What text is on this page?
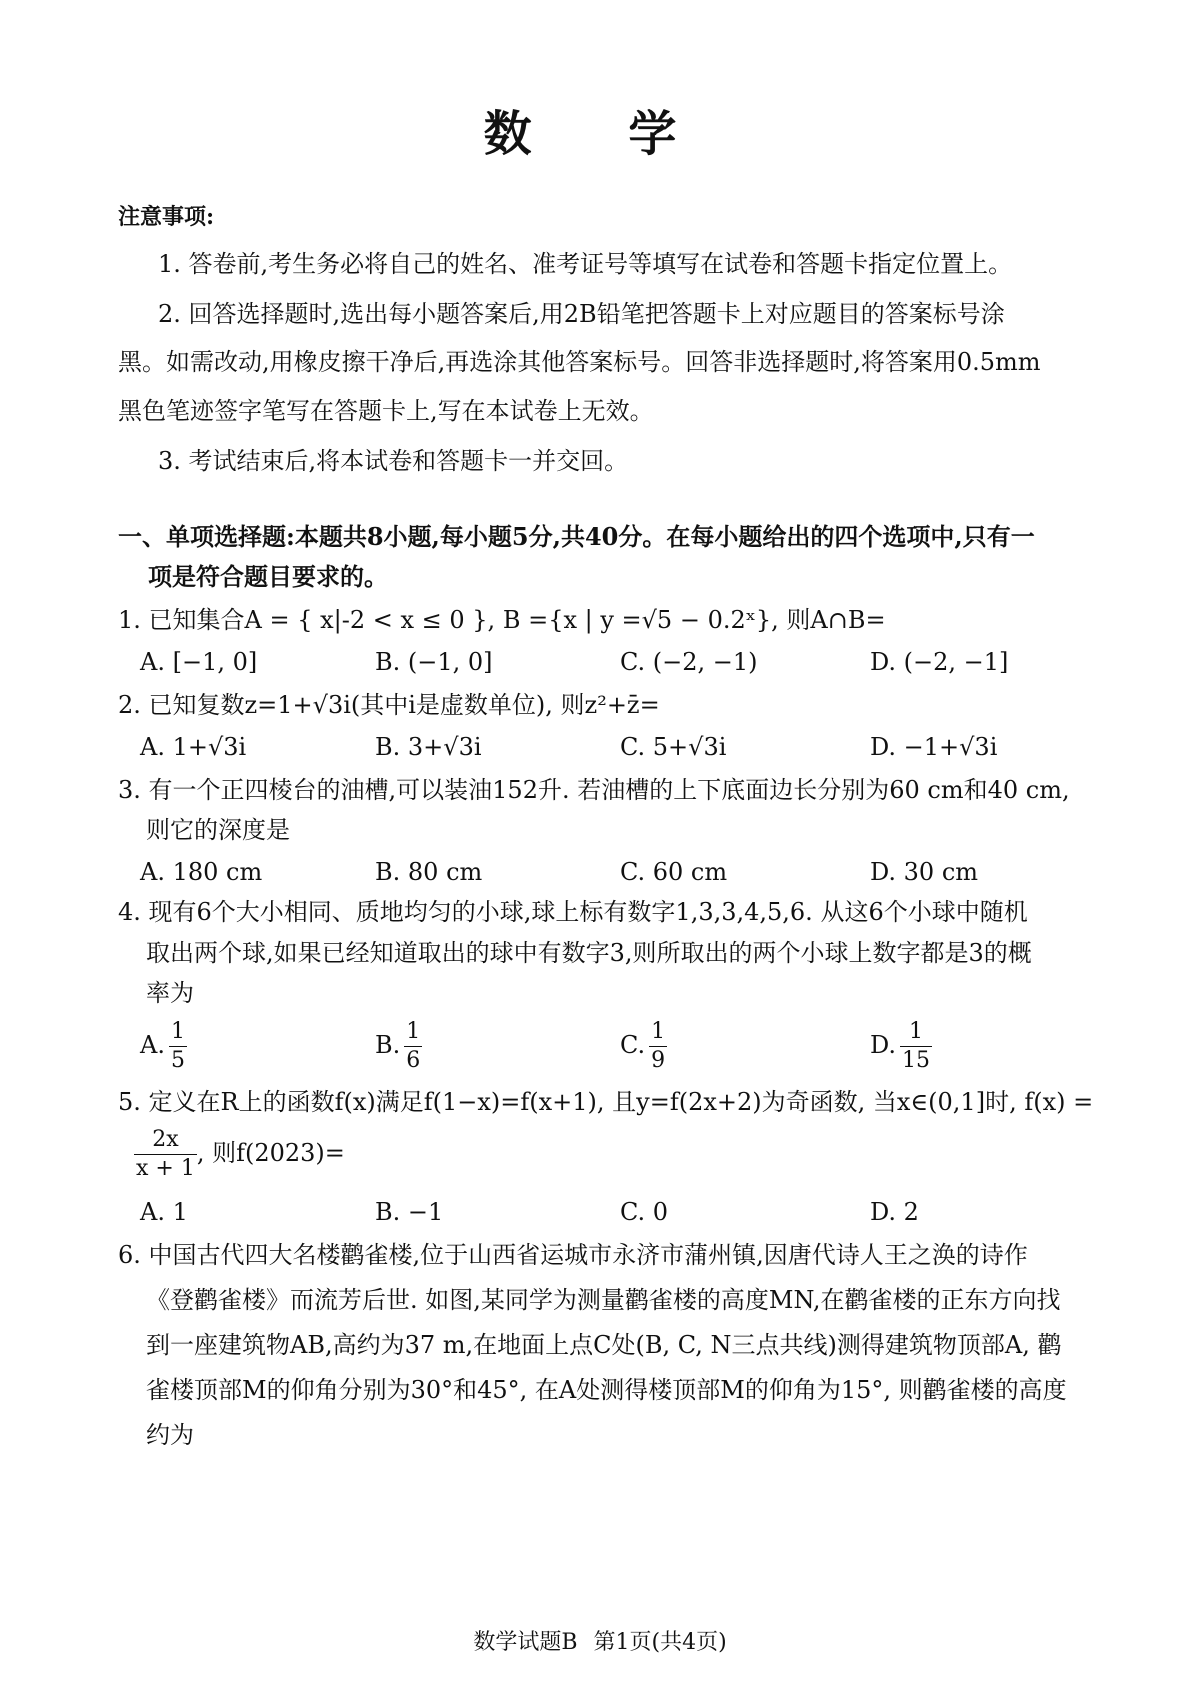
数 学
注意事项:
1. 答卷前,考生务必将自己的姓名、准考证号等填写在试卷和答题卡指定位置上。
2. 回答选择题时,选出每小题答案后,用2B铅笔把答题卡上对应题目的答案标号涂
黑。如需改动,用橡皮擦干净后,再选涂其他答案标号。回答非选择题时,将答案用0.5mm
黑色笔迹签字笔写在答题卡上,写在本试卷上无效。
3. 考试结束后,将本试卷和答题卡一并交回。
一、单项选择题:本题共8小题,每小题5分,共40分。在每小题给出的四个选项中,只有一
项是符合题目要求的。
1. 已知集合A = { x|-2 < x ≤ 0 }, B ={x | y =√5 − 0.2ˣ}, 则A∩B=
A. [−1, 0]	B. (−1, 0]	C. (−2, −1)	D. (−2, −1]
2. 已知复数z=1+√3i(其中i是虚数单位), 则z²+z̄=
A. 1+√3i	B. 3+√3i	C. 5+√3i	D. −1+√3i
3. 有一个正四棱台的油槽,可以装油152升. 若油槽的上下底面边长分别为60 cm和40 cm,
则它的深度是
A. 180 cm	B. 80 cm	C. 60 cm	D. 30 cm
4. 现有6个大小相同、质地均匀的小球,球上标有数字1,3,3,4,5,6. 从这6个小球中随机
取出两个球,如果已经知道取出的球中有数字3,则所取出的两个小球上数字都是3的概
率为
A. $\frac{1}{5}$	B. $\frac{1}{6}$	C. $\frac{1}{9}$	D. $\frac{1}{15}$
5. 定义在R上的函数f(x)满足f(1−x)=f(x+1), 且y=f(2x+2)为奇函数, 当x∈(0,1]时, f(x) =
$\frac{2x}{x + 1}$ , 则f(2023)=
A. 1	B. −1	C. 0	D. 2
6. 中国古代四大名楼鹳雀楼,位于山西省运城市永济市蒲州镇,因唐代诗人王之涣的诗作
《登鹳雀楼》而流芳后世. 如图,某同学为测量鹳雀楼的高度MN,在鹳雀楼的正东方向找
到一座建筑物AB,高约为37 m,在地面上点C处(B, C, N三点共线)测得建筑物顶部A, 鹳
雀楼顶部M的仰角分别为30°和45°, 在A处测得楼顶部M的仰角为15°, 则鹳雀楼的高度
约为
数学试题B 第1页(共4页)
